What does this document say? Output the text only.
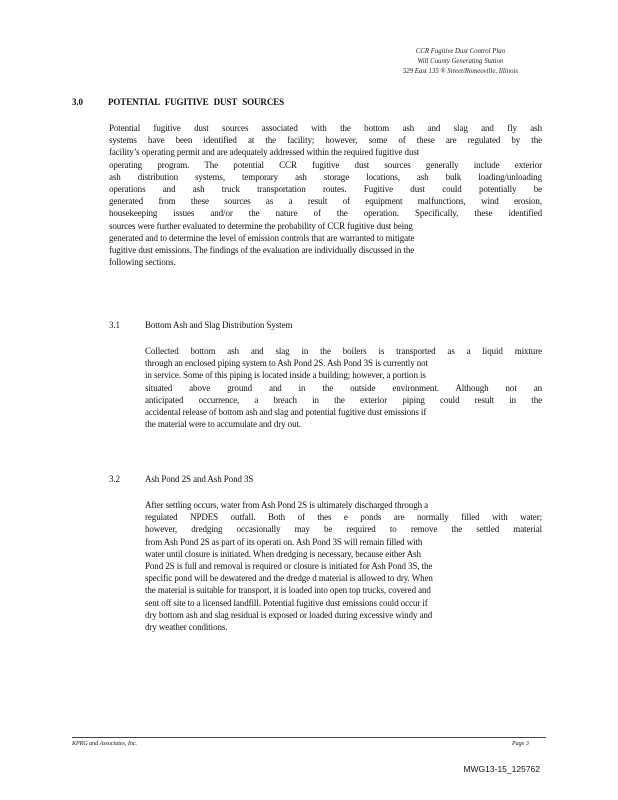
CCR Fugitive Dust Control Plan
Will County Generating Station
529 East 135 ® Street/Romeoville, Illinois
3.0	POTENTIAL FUGITIVE DUST SOURCES
Potential fugitive dust sources associated with the bottom ash and slag and fly ash
systems have been identified at the facility; however, some of these are regulated by the
facility’s operating permit and are adequately addressed within the required fugitive dust
operating program. The potential CCR fugitive dust sources generally include exterior
ash distribution systems, temporary ash storage locations, ash bulk loading/unloading
operations and ash truck transportation routes. Fugitive dust could potentially be
generated from these sources as a result of equipment malfunctions, wind erosion,
housekeeping issues and/or the nature of the operation. Specifically, these identified
sources were further evaluated to determine the probability of CCR fugitive dust being
generated and to determine the level of emission controls that are warranted to mitigate
fugitive dust emissions. The findings of the evaluation are individually discussed in the
following sections.
3.1	Bottom Ash and Slag Distribution System
Collected bottom ash and slag in the boilers is transported as a liquid mixture
through an enclosed piping system to Ash Pond 2S. Ash Pond 3S is currently not
in service. Some of this piping is located inside a building; however, a portion is
situated above ground and in the outside environment. Although not an
anticipated occurrence, a breach in the exterior piping could result in the
accidental release of bottom ash and slag and potential fugitive dust emissions if
the material were to accumulate and dry out.
3.2	Ash Pond 2S and Ash Pond 3S
After settling occurs, water from Ash Pond 2S is ultimately discharged through a
regulated NPDES outfall. Both of thes e ponds are normally filled with water;
however, dredging occasionally may be required to remove the settled material
from Ash Pond 2S as part of its operati on. Ash Pond 3S will remain filled with
water until closure is initiated. When dredging is necessary, because either Ash
Pond 2S is full and removal is required or closure is initiated for Ash Pond 3S, the
specific pond will be dewatered and the dredge d material is allowed to dry. When
the material is suitable for transport, it is loaded into open top trucks, covered and
sent off site to a licensed landfill. Potential fugitive dust emissions could occur if
dry bottom ash and slag residual is exposed or loaded during excessive windy and
dry weather conditions.
KPRG and Associates, Inc.	Page 3
MWG13-15_125762
